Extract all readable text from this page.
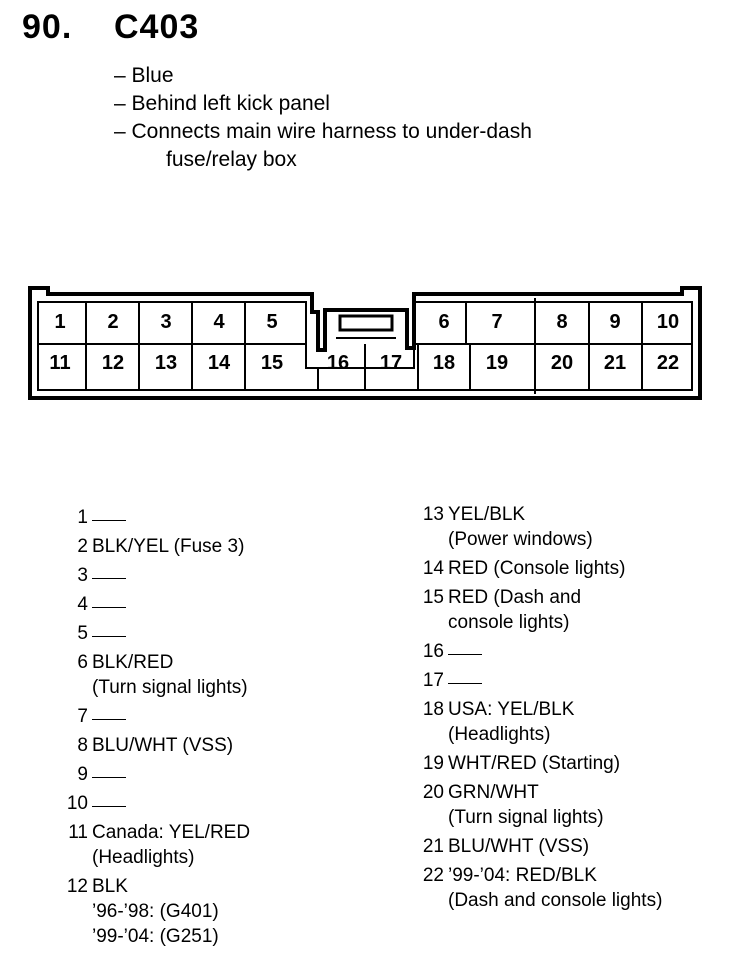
90. C403
– Blue
– Behind left kick panel
– Connects main wire harness to under-dash
fuse/relay box
1 2 3 4 5	6 7	8 9 10
11 12 13 14 15 16 17 18 19 20 21 22
1
2 BLK/YEL (Fuse 3)
3
4
5
6 BLK/RED
(Turn signal lights)
7
8 BLU/WHT (VSS)
9
10
11 Canada: YEL/RED
(Headlights)
12 BLK
’96-’98: (G401)
’99-’04: (G251)
13 YEL/BLK
(Power windows)
14 RED (Console lights)
15 RED (Dash and
console lights)
16
17
18 USA: YEL/BLK
(Headlights)
19 WHT/RED (Starting)
20 GRN/WHT
(Turn signal lights)
21 BLU/WHT (VSS)
22 ’99-’04: RED/BLK
(Dash and console lights)
